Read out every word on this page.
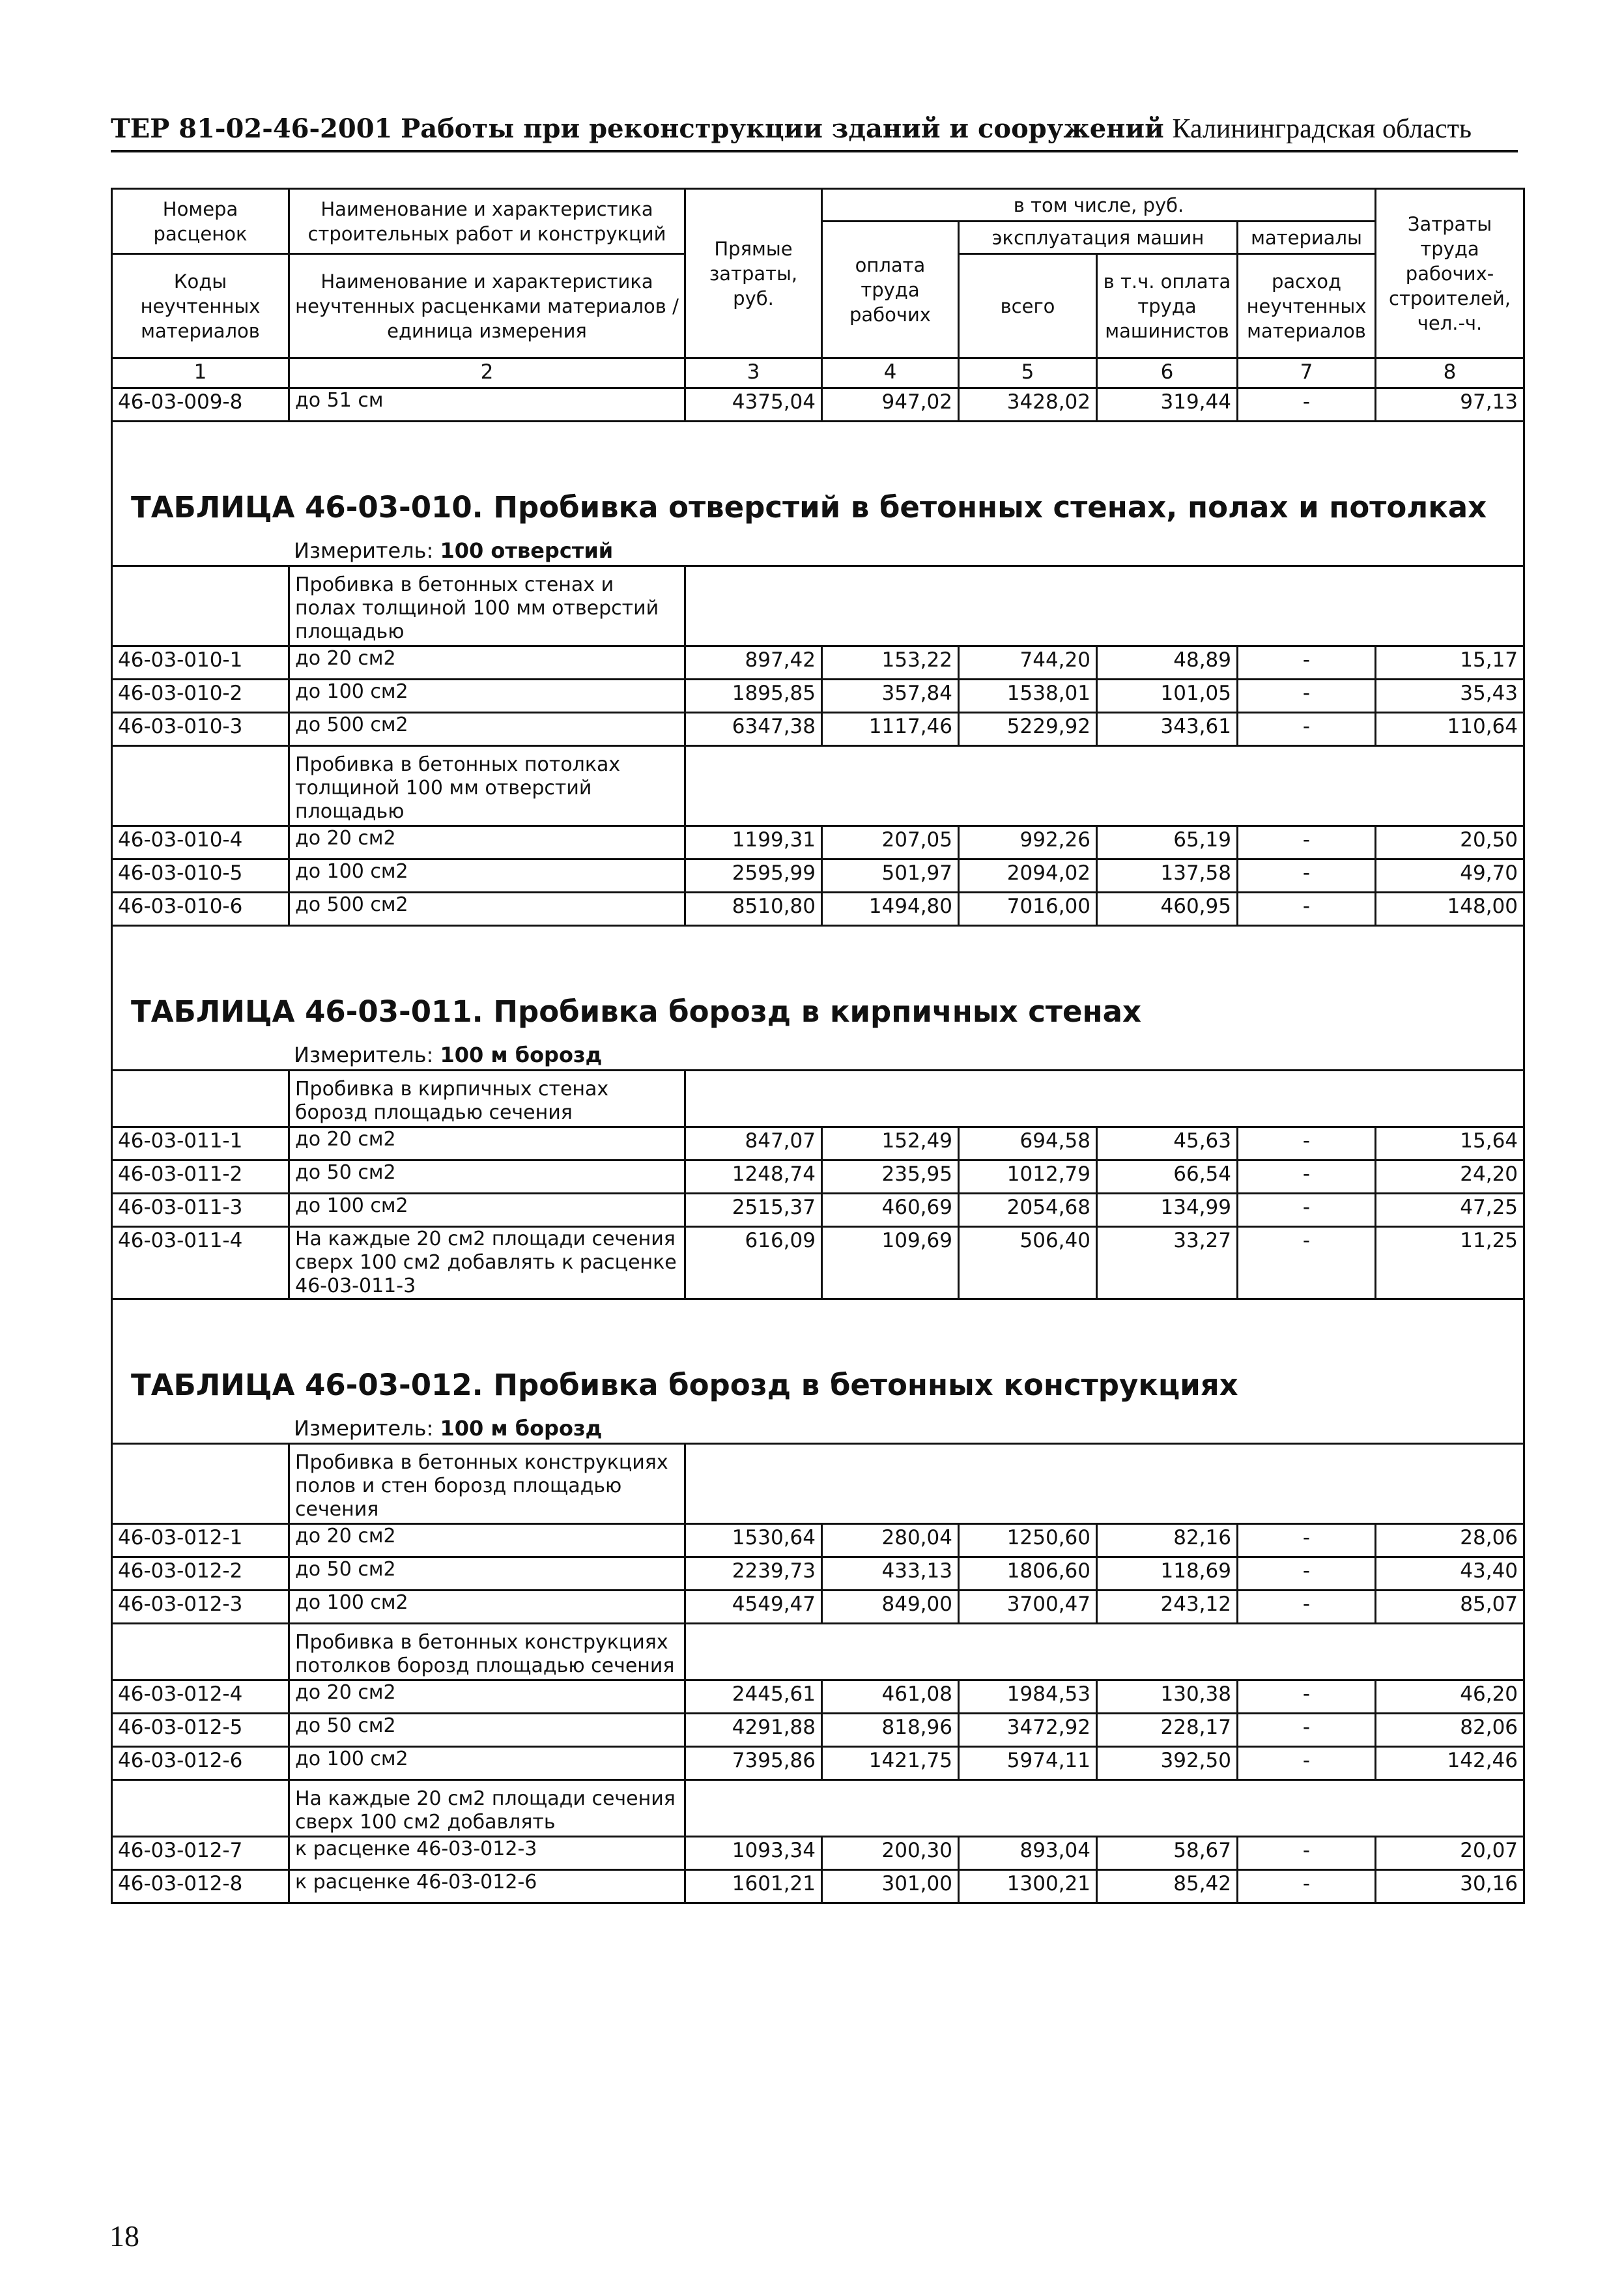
ТЕР 81-02-46-2001 Работы при реконструкции зданий и сооружений Калининградская область
Номера расценок	Наименование и характеристика строительных работ и конструкций	Прямые затраты, руб.	в том числе, руб.				Затраты труда рабочих-строителей, чел.-ч.
			оплата труда рабочих	эксплуатация машин		материалы	
Коды неучтенных материалов	Наименование и характеристика неучтенных расценками материалов / единица измерения			всего	в т.ч. оплата труда машинистов	расход неучтенных материалов	

1	2	3	4	5	6	7	8
46-03-009-8	до 51 см	4375,04	947,02	3428,02	319,44	-	97,13

ТАБЛИЦА 46-03-010. Пробивка отверстий в бетонных стенах, полах и потолках							

Измеритель: 100 отверстий							

	Пробивка в бетонных стенах и полах толщиной 100 мм отверстий площадью						
46-03-010-1	до 20 см2	897,42	153,22	744,20	48,89	-	15,17
46-03-010-2	до 100 см2	1895,85	357,84	1538,01	101,05	-	35,43
46-03-010-3	до 500 см2	6347,38	1117,46	5229,92	343,61	-	110,64
	Пробивка в бетонных потолках толщиной 100 мм отверстий площадью						
46-03-010-4	до 20 см2	1199,31	207,05	992,26	65,19	-	20,50
46-03-010-5	до 100 см2	2595,99	501,97	2094,02	137,58	-	49,70
46-03-010-6	до 500 см2	8510,80	1494,80	7016,00	460,95	-	148,00

ТАБЛИЦА 46-03-011. Пробивка борозд в кирпичных стенах							

Измеритель: 100 м борозд							

	Пробивка в кирпичных стенах борозд площадью сечения						
46-03-011-1	до 20 см2	847,07	152,49	694,58	45,63	-	15,64
46-03-011-2	до 50 см2	1248,74	235,95	1012,79	66,54	-	24,20
46-03-011-3	до 100 см2	2515,37	460,69	2054,68	134,99	-	47,25
46-03-011-4	На каждые 20 см2 площади сечения сверх 100 см2 добавлять к расценке 46-03-011-3	616,09	109,69	506,40	33,27	-	11,25

ТАБЛИЦА 46-03-012. Пробивка борозд в бетонных конструкциях							

Измеритель: 100 м борозд							

	Пробивка в бетонных конструкциях полов и стен борозд площадью сечения						
46-03-012-1	до 20 см2	1530,64	280,04	1250,60	82,16	-	28,06
46-03-012-2	до 50 см2	2239,73	433,13	1806,60	118,69	-	43,40
46-03-012-3	до 100 см2	4549,47	849,00	3700,47	243,12	-	85,07
	Пробивка в бетонных конструкциях потолков борозд площадью сечения						
46-03-012-4	до 20 см2	2445,61	461,08	1984,53	130,38	-	46,20
46-03-012-5	до 50 см2	4291,88	818,96	3472,92	228,17	-	82,06
46-03-012-6	до 100 см2	7395,86	1421,75	5974,11	392,50	-	142,46
	На каждые 20 см2 площади сечения сверх 100 см2 добавлять						
46-03-012-7	к расценке 46-03-012-3	1093,34	200,30	893,04	58,67	-	20,07
46-03-012-8	к расценке 46-03-012-6	1601,21	301,00	1300,21	85,42	-	30,16
18
